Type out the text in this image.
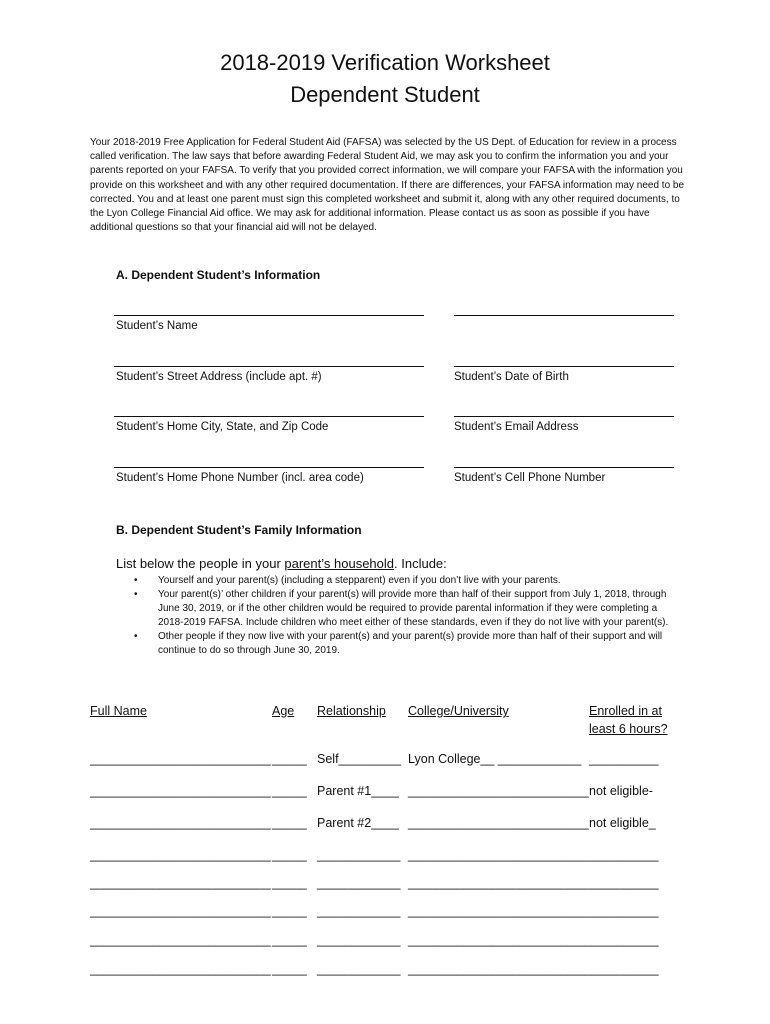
2018-2019 Verification Worksheet
Dependent Student
Your 2018-2019 Free Application for Federal Student Aid (FAFSA) was selected by the US Dept. of Education for review in a process called verification. The law says that before awarding Federal Student Aid, we may ask you to confirm the information you and your parents reported on your FAFSA. To verify that you provided correct information, we will compare your FAFSA with the information you provide on this worksheet and with any other required documentation. If there are differences, your FAFSA information may need to be corrected. You and at least one parent must sign this completed worksheet and submit it, along with any other required documents, to the Lyon College Financial Aid office. We may ask for additional information. Please contact us as soon as possible if you have additional questions so that your financial aid will not be delayed.
A. Dependent Student’s Information
Student’s Name
Student’s Street Address (include apt. #)	Student’s Date of Birth
Student’s Home City, State, and Zip Code	Student’s Email Address
Student’s Home Phone Number (incl. area code)	Student’s Cell Phone Number
B. Dependent Student’s Family Information
List below the people in your parent’s household. Include:
• Yourself and your parent(s) (including a stepparent) even if you don’t live with your parents.
• Your parent(s)’ other children if your parent(s) will provide more than half of their support from July 1, 2018, through June 30, 2019, or if the other children would be required to provide parental information if they were completing a 2018-2019 FAFSA. Include children who meet either of these standards, even if they do not live with your parent(s).
• Other people if they now live with your parent(s) and your parent(s) provide more than half of their support and will continue to do so through June 30, 2019.
Full Name	Age Relationship College/University	Enrolled in at
least 6 hours?
__________________________ _____ Self_________ Lyon College__ ____________ __________
__________________________ _____ Parent #1____ __________________________ not eligible-
__________________________ _____ Parent #2____ __________________________ not eligible_
__________________________ _____ ____________ __________________________ __________
__________________________ _____ ____________ __________________________ __________
__________________________ _____ ____________ __________________________ __________
__________________________ _____ ____________ __________________________ __________
__________________________ _____ ____________ __________________________ __________
